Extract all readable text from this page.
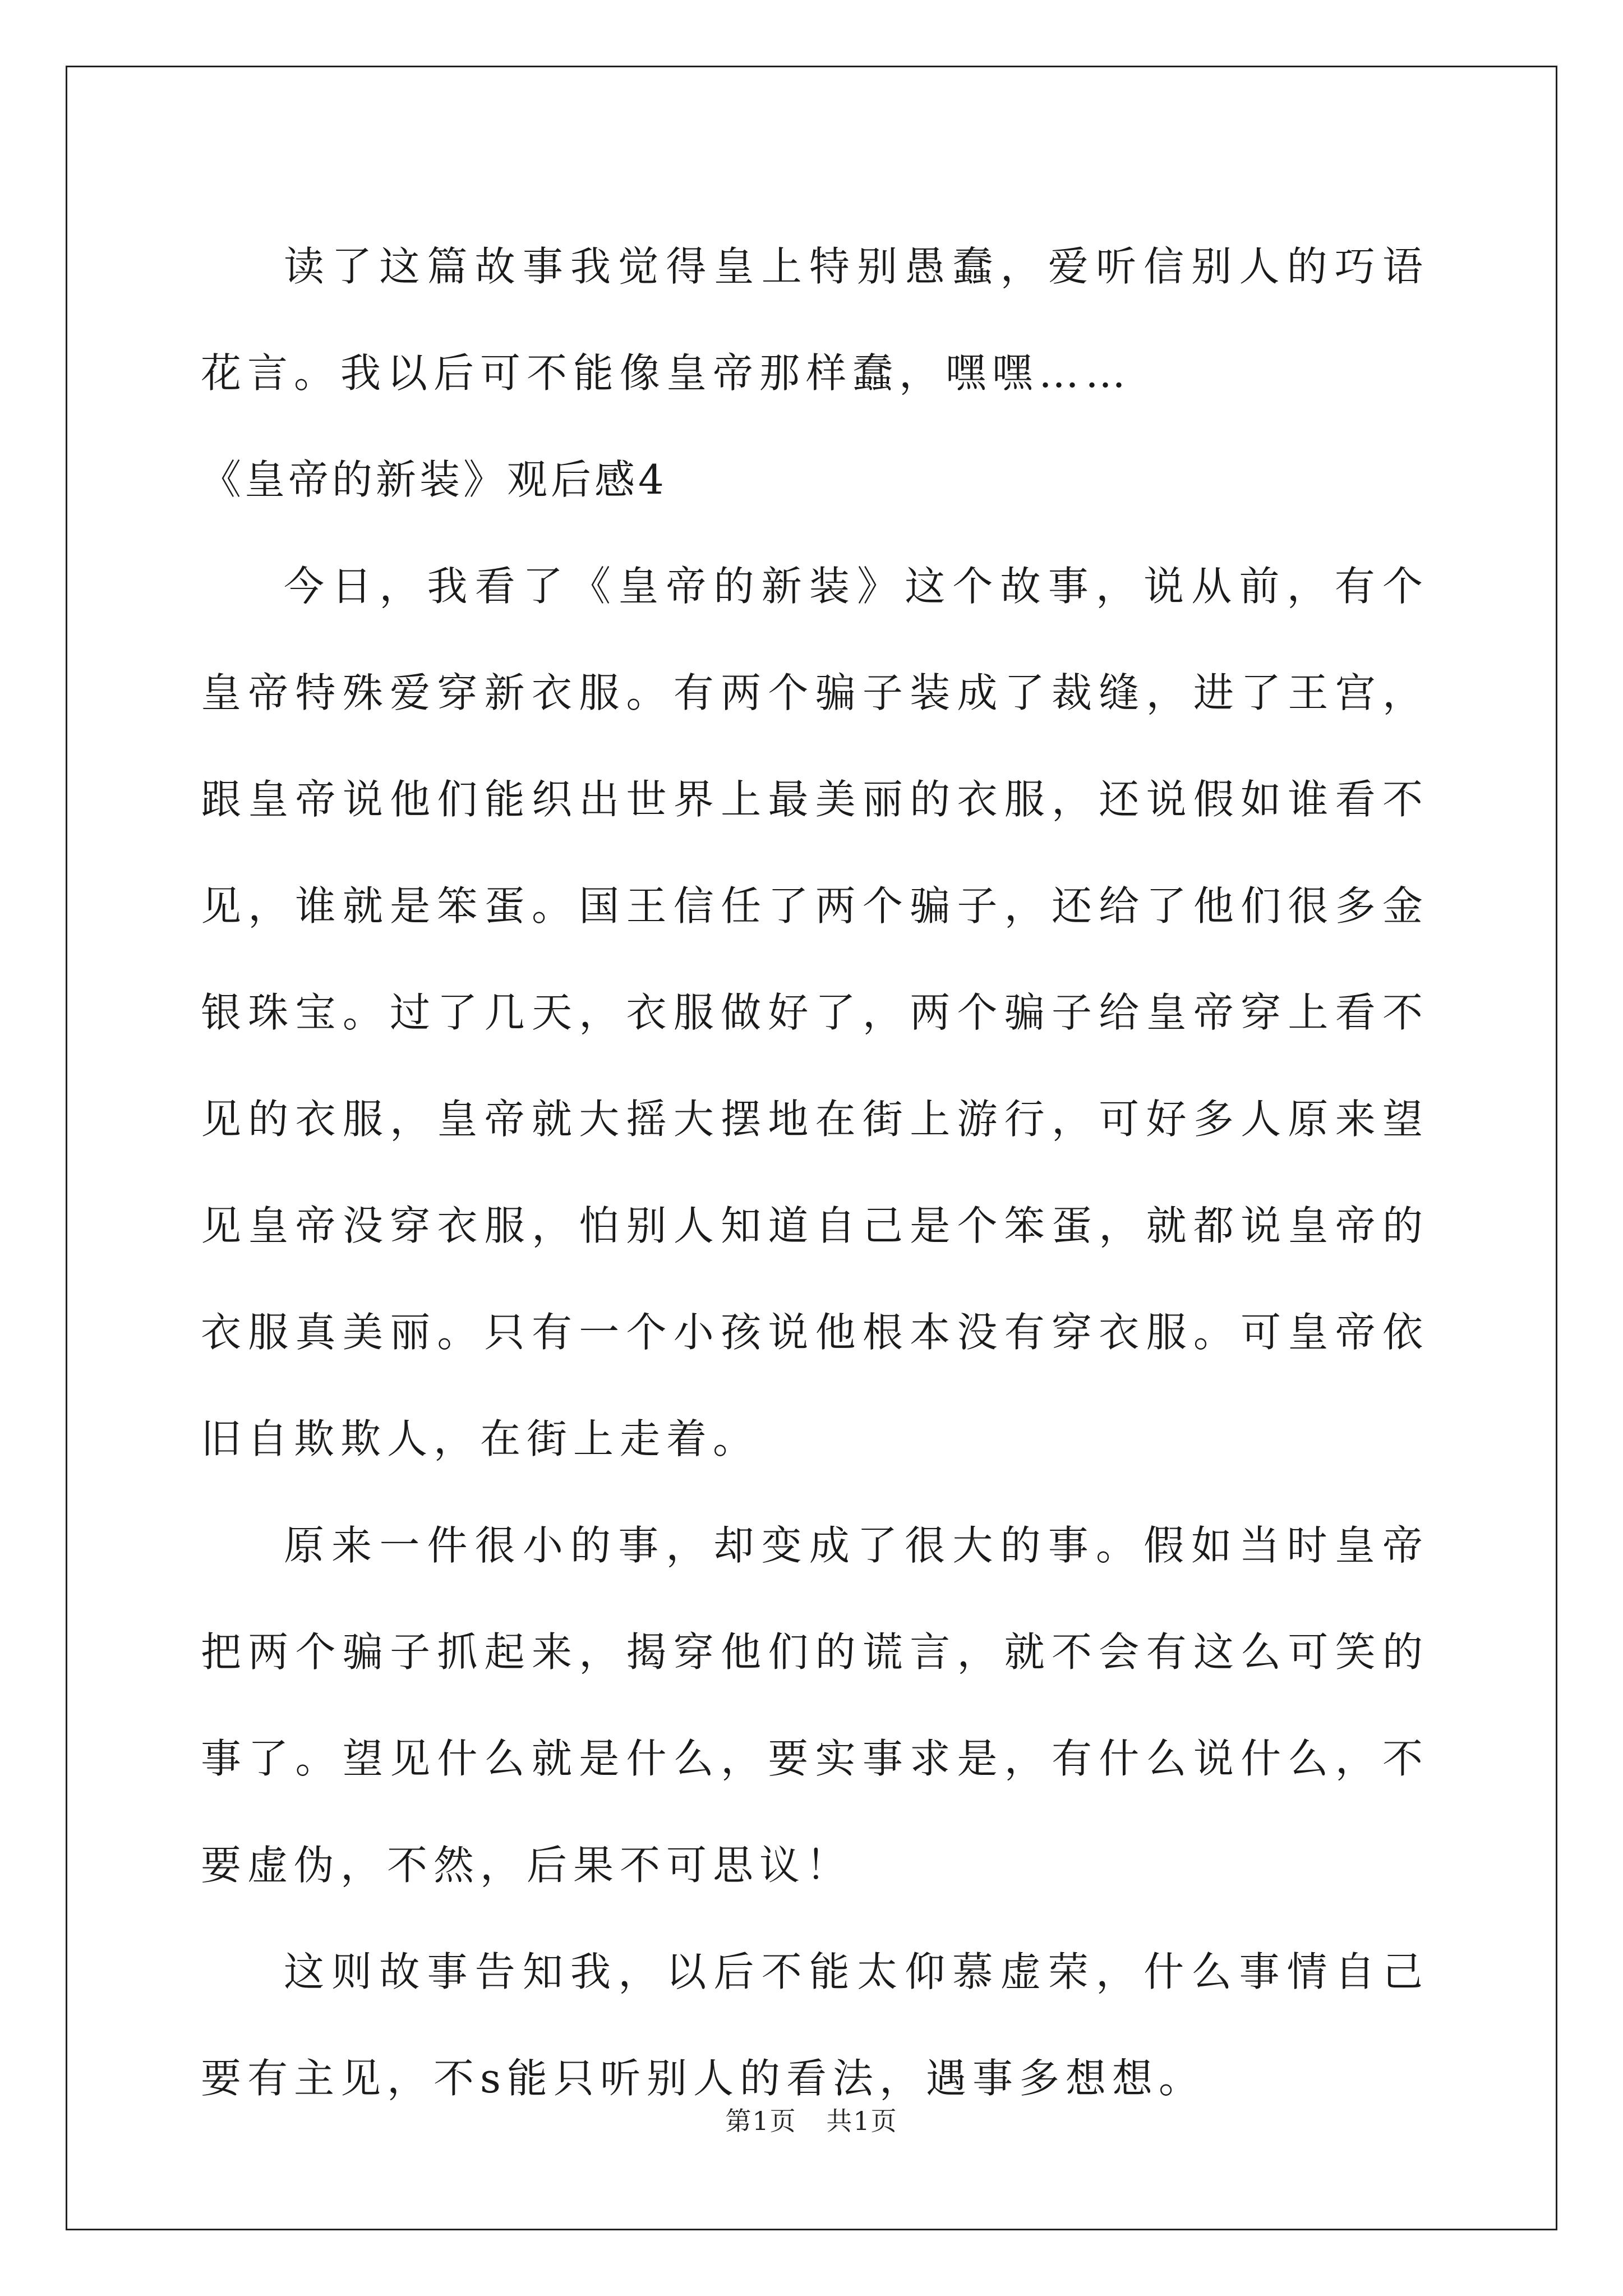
读了这篇故事我觉得皇上特别愚蠢，爱听信别人的巧语花言。我以后可不能像皇帝那样蠢，嘿嘿……

《皇帝的新装》观后感4

今日，我看了《皇帝的新装》这个故事，说从前，有个皇帝特殊爱穿新衣服。有两个骗子装成了裁缝，进了王宫，跟皇帝说他们能织出世界上最美丽的衣服，还说假如谁看不见，谁就是笨蛋。国王信任了两个骗子，还给了他们很多金银珠宝。过了几天，衣服做好了，两个骗子给皇帝穿上看不见的衣服，皇帝就大摇大摆地在街上游行，可好多人原来望见皇帝没穿衣服，怕别人知道自己是个笨蛋，就都说皇帝的衣服真美丽。只有一个小孩说他根本没有穿衣服。可皇帝依旧自欺欺人，在街上走着。

原来一件很小的事，却变成了很大的事。假如当时皇帝把两个骗子抓起来，揭穿他们的谎言，就不会有这么可笑的事了。望见什么就是什么，要实事求是，有什么说什么，不要虚伪，不然，后果不可思议！

这则故事告知我，以后不能太仰慕虚荣，什么事情自己要有主见，不s能只听别人的看法，遇事多想想。

第1页 共1页
